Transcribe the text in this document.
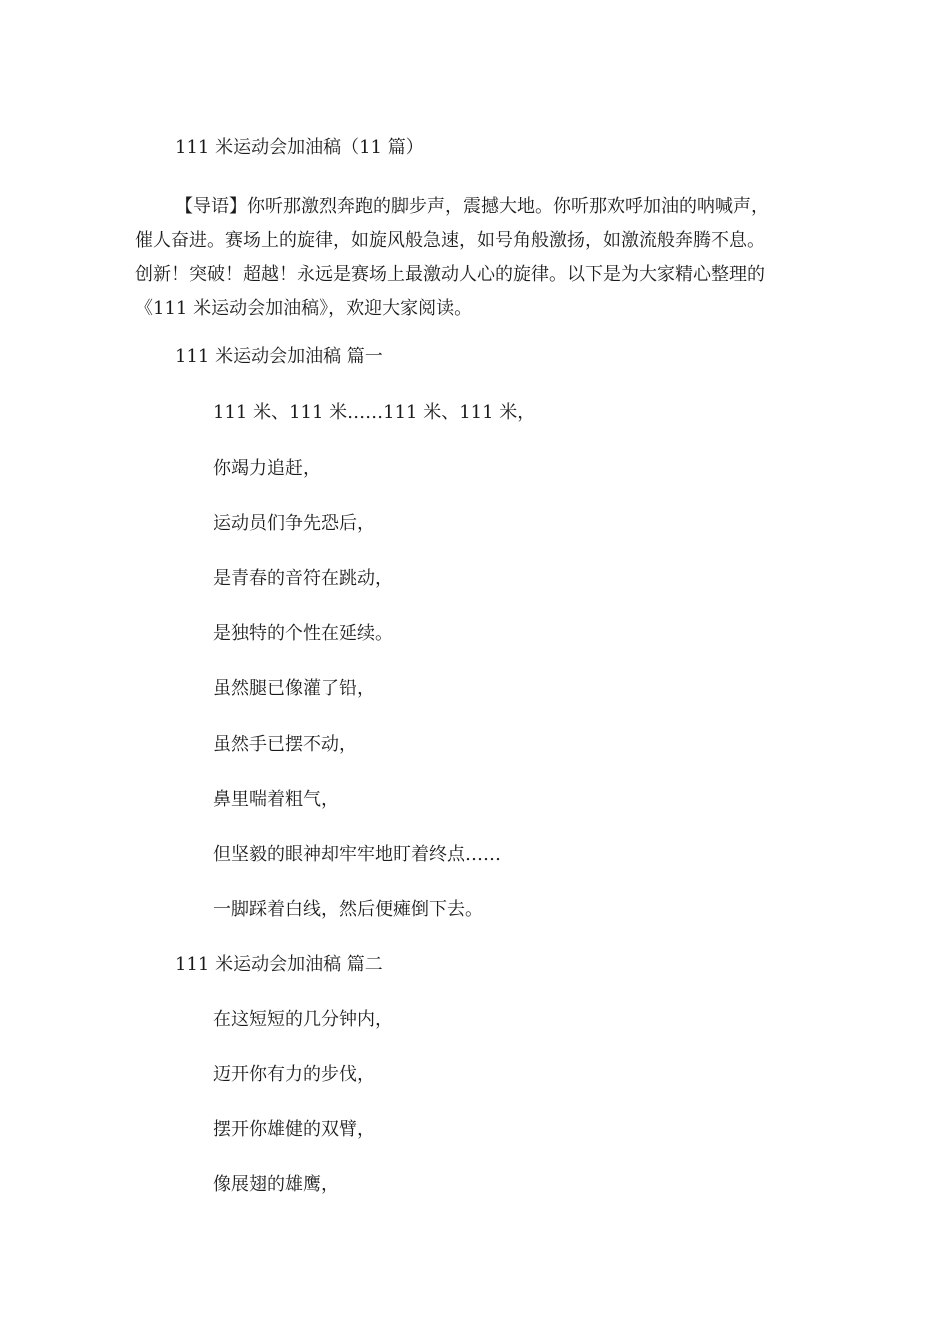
111 米运动会加油稿（11 篇）

【导语】你听那激烈奔跑的脚步声，震撼大地。你听那欢呼加油的呐喊声，

催人奋进。赛场上的旋律，如旋风般急速，如号角般激扬，如激流般奔腾不息。

创新！突破！超越！永远是赛场上最激动人心的旋律。以下是为大家精心整理的

《111 米运动会加油稿》，欢迎大家阅读。

111 米运动会加油稿 篇一
111 米、111 米……111 米、111 米，
你竭力追赶，
运动员们争先恐后，
是青春的音符在跳动，
是独特的个性在延续。
虽然腿已像灌了铅，
虽然手已摆不动，
鼻里喘着粗气，
但坚毅的眼神却牢牢地盯着终点……
一脚踩着白线，然后便瘫倒下去。
111 米运动会加油稿 篇二
在这短短的几分钟内，
迈开你有力的步伐，
摆开你雄健的双臂，
像展翅的雄鹰，
